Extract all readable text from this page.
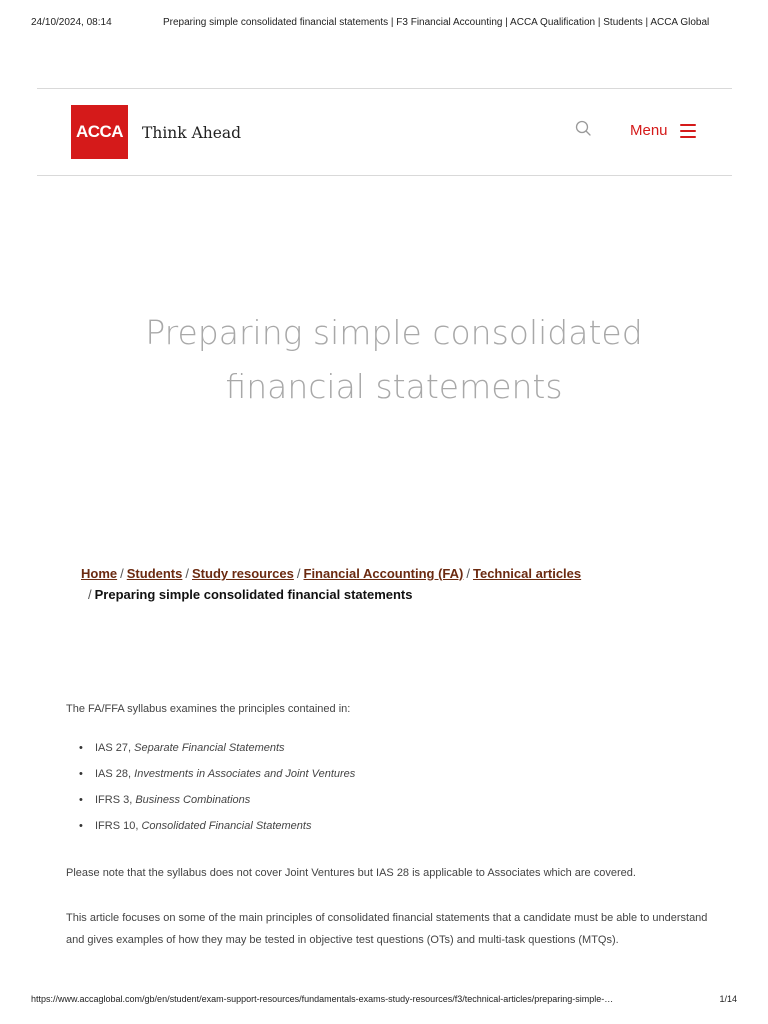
24/10/2024, 08:14	Preparing simple consolidated financial statements | F3 Financial Accounting | ACCA Qualification | Students | ACCA Global
ACCA	Think Ahead	Menu
Preparing simple consolidated
financial statements
Home / Students / Study resources / Financial Accounting (FA) / Technical articles
/ Preparing simple consolidated financial statements

The FA/FFA syllabus examines the principles contained in:

• IAS 27, Separate Financial Statements
• IAS 28, Investments in Associates and Joint Ventures
• IFRS 3, Business Combinations
• IFRS 10, Consolidated Financial Statements

Please note that the syllabus does not cover Joint Ventures but IAS 28 is applicable to Associates which are covered.

This article focuses on some of the main principles of consolidated financial statements that a candidate must be able to understand and gives examples of how they may be tested in objective test questions (OTs) and multi-task questions (MTQs).

https://www.accaglobal.com/gb/en/student/exam-support-resources/fundamentals-exams-study-resources/f3/technical-articles/preparing-simple-…	1/14
